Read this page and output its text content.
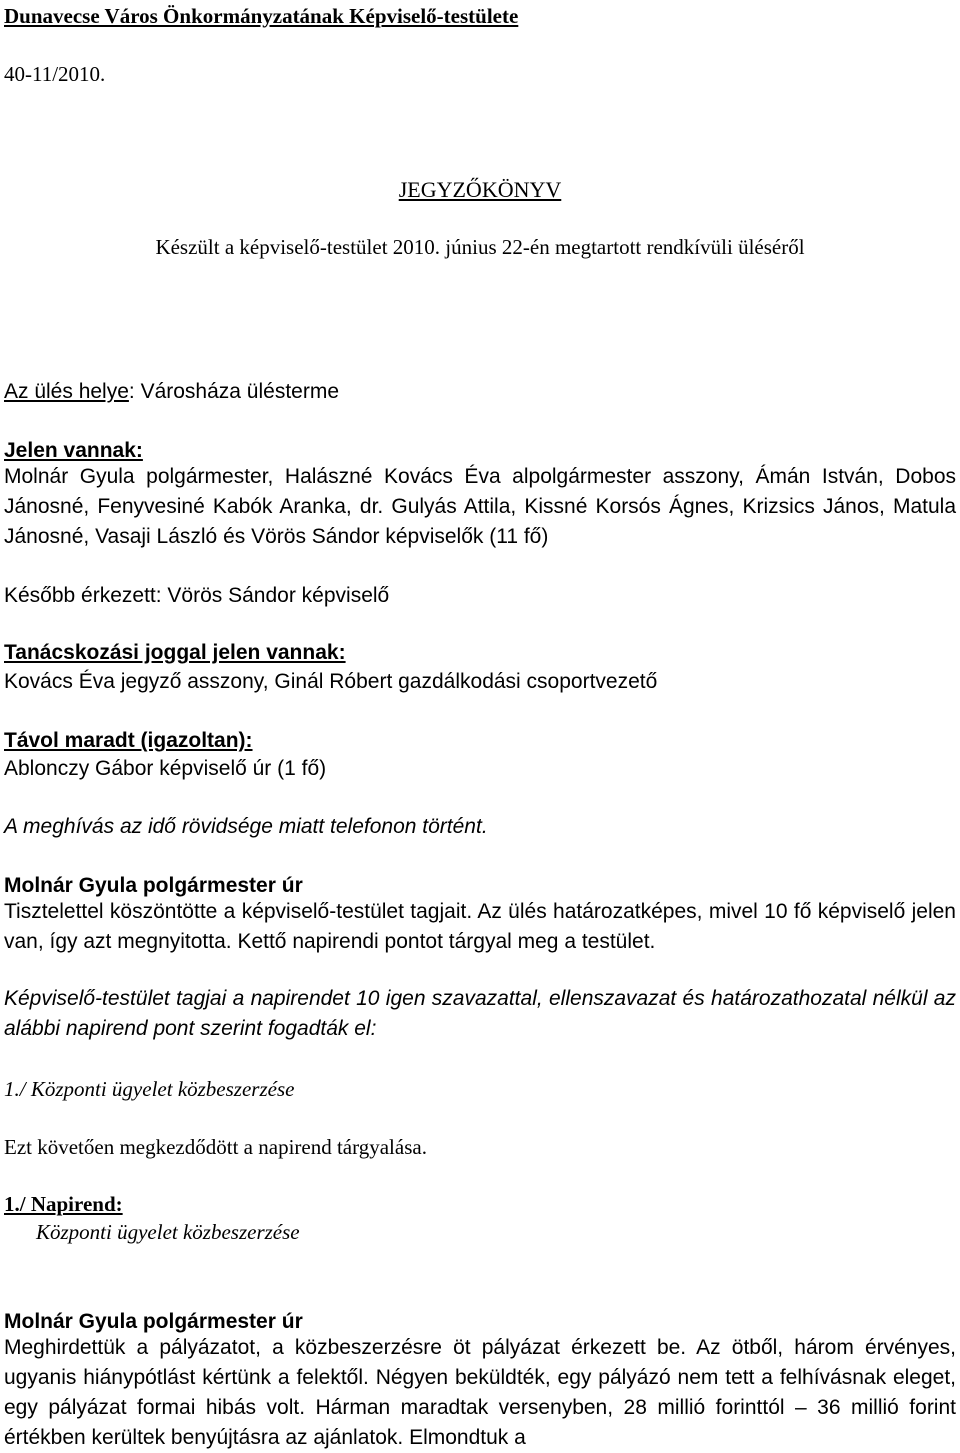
Dunavecse Város Önkormányzatának Képviselő-testülete
40-11/2010.
JEGYZŐKÖNYV
Készült a képviselő-testület 2010. június 22-én megtartott rendkívüli üléséről
Az ülés helye: Városháza ülésterme
Jelen vannak:
Molnár Gyula polgármester, Halászné Kovács Éva alpolgármester asszony, Ámán István, Dobos Jánosné, Fenyvesiné Kabók Aranka, dr. Gulyás Attila, Kissné Korsós Ágnes, Krizsics János, Matula Jánosné, Vasaji László és Vörös Sándor képviselők (11 fő)
Később érkezett: Vörös Sándor képviselő
Tanácskozási joggal jelen vannak:
Kovács Éva jegyző asszony, Ginál Róbert gazdálkodási csoportvezető
Távol maradt (igazoltan):
Ablonczy Gábor képviselő úr (1 fő)
A meghívás az idő rövidsége miatt telefonon történt.
Molnár Gyula polgármester úr
Tisztelettel köszöntötte a képviselő-testület tagjait. Az ülés határozatképes, mivel 10 fő képviselő jelen van, így azt megnyitotta. Kettő napirendi pontot tárgyal meg a testület.
Képviselő-testület tagjai a napirendet 10 igen szavazattal, ellenszavazat és határozathozatal nélkül az alábbi napirend pont szerint fogadták el:
1./ Központi ügyelet közbeszerzése
Ezt követően megkezdődött a napirend tárgyalása.
1./ Napirend:
Központi ügyelet közbeszerzése
Molnár Gyula polgármester úr
Meghirdettük a pályázatot, a közbeszerzésre öt pályázat érkezett be. Az ötből, három érvényes, ugyanis hiánypótlást kértünk a felektől. Négyen beküldték, egy pályázó nem tett a felhívásnak eleget, egy pályázat formai hibás volt. Hárman maradtak versenyben, 28 millió forinttól – 36 millió forint értékben kerültek benyújtásra az ajánlatok. Elmondtuk a
